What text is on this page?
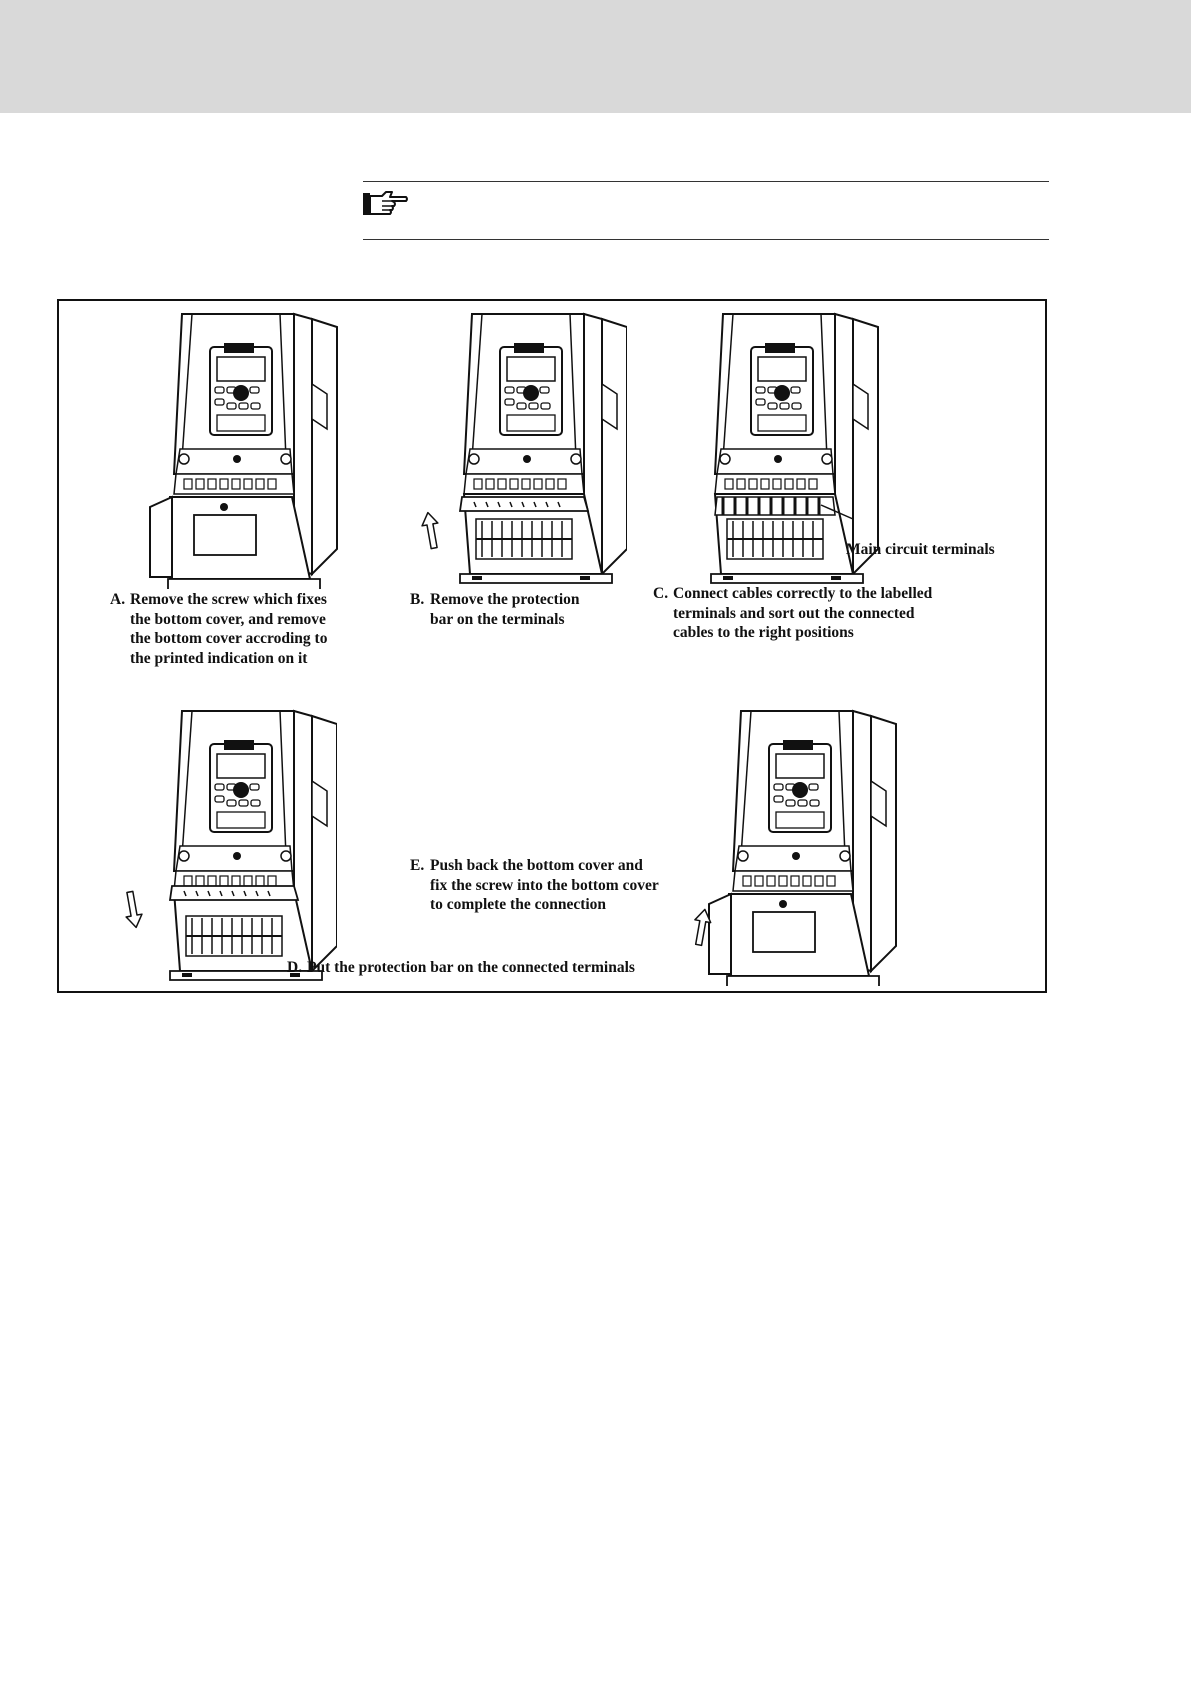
Main circuit terminals
A. Remove the screw which fixes
the bottom cover, and remove
the bottom cover accroding to
the printed indication on it
B. Remove the protection
bar on the terminals
C. Connect cables correctly to the labelled
terminals and sort out the connected
cables to the right positions
E. Push back the bottom cover and
fix the screw into the bottom cover
to complete the connection
D. Put the protection bar on the connected terminals
